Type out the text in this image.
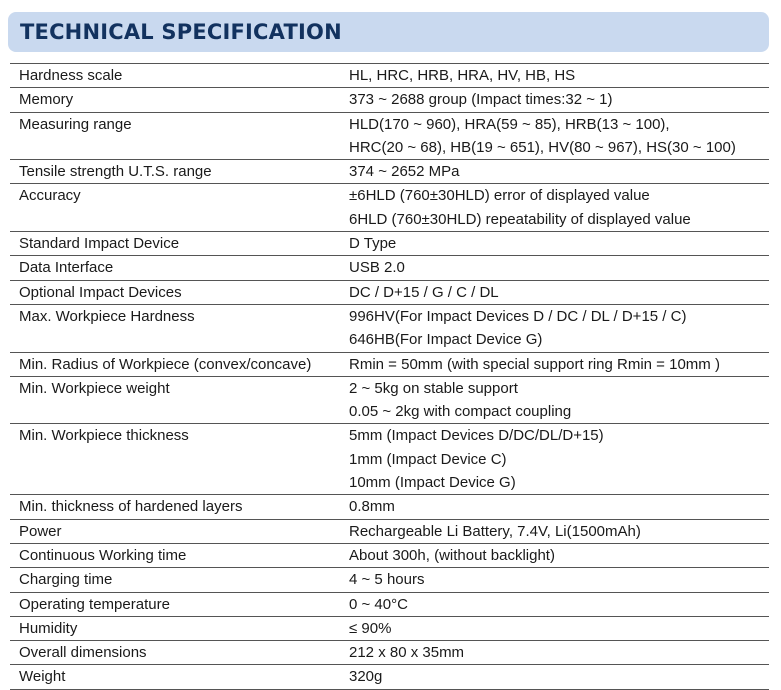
TECHNICAL SPECIFICATION
Hardness scale	HL, HRC, HRB, HRA, HV, HB, HS

Memory	373 ~ 2688 group (Impact times:32 ~ 1)

Measuring range	HLD(170 ~ 960), HRA(59 ~ 85), HRB(13 ~ 100),
HRC(20 ~ 68), HB(19 ~ 651), HV(80 ~ 967), HS(30 ~ 100)

Tensile strength U.T.S. range	374 ~ 2652 MPa

Accuracy	±6HLD (760±30HLD) error of displayed value
6HLD (760±30HLD) repeatability of displayed value

Standard Impact Device	D Type

Data Interface	USB 2.0

Optional Impact Devices	DC / D+15 / G / C / DL

Max. Workpiece Hardness	996HV(For Impact Devices D / DC / DL / D+15 / C)
646HB(For Impact Device G)

Min. Radius of Workpiece (convex/concave)	Rmin = 50mm (with special support ring Rmin = 10mm )

Min. Workpiece weight	2 ~ 5kg on stable support
0.05 ~ 2kg with compact coupling

Min. Workpiece thickness	5mm (Impact Devices D/DC/DL/D+15)
1mm (Impact Device C)
10mm (Impact Device G)

Min. thickness of hardened layers	0.8mm

Power	Rechargeable Li Battery, 7.4V, Li(1500mAh)

Continuous Working time	About 300h, (without backlight)

Charging time	4 ~ 5 hours

Operating temperature	0 ~ 40°C

Humidity	≤ 90%

Overall dimensions	212 x 80 x 35mm

Weight	320g
